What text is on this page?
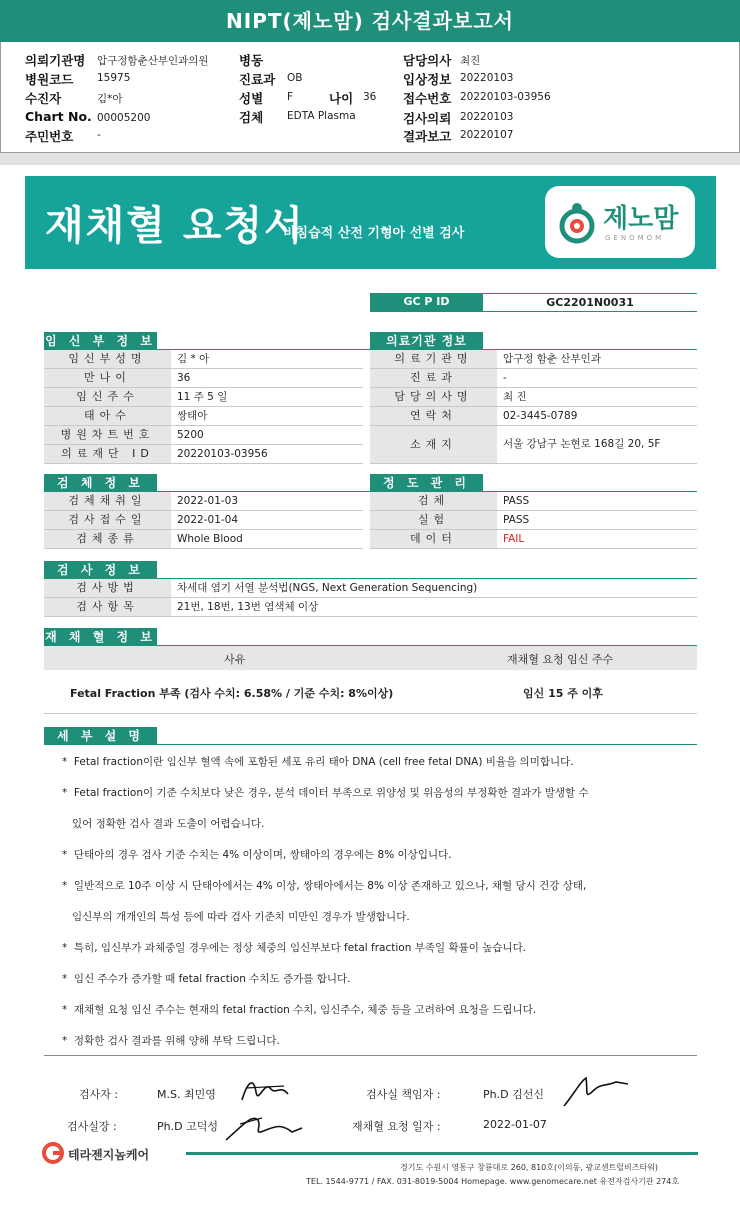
NIPT(제노맘) 검사결과보고서
의뢰기관명 압구정함춘산부인과의원
병원코드 15975
수진자	김*아
Chart No. 00005200
주민번호 -
병동
진료과 OB
성별 F	나이 36
검체 EDTA Plasma
담당의사 최진
입상정보 20220103
접수번호 20220103-03956
검사의뢰 20220103
결과보고 20220107
재채혈 요청서
비침습적 산전 기형아 선별 검사	제노맘
GENOMOM
GC P ID	GC2201N0031
임 신 부 정 보
임신부성명	김 * 아
만나이	36
임신주수	11 주 5 일
태아수	쌍태아
병원차트번호	5200
의료재단 ID	20220103-03956
의료기관 정보
의료기관명	압구정 함춘 산부인과
진료과	-
담당의사명	최 진
연락처	02-3445-0789
소재지	서울 강남구 논현로 168길 20, 5F
검 체 정 보
검체채취일	2022-01-03
검사접수일	2022-01-04
검체종류	Whole Blood
정 도 관 리
검체	PASS
실험	PASS
데이터	FAIL
검 사 정 보
검사방법	차세대 염기 서열 분석법(NGS, Next Generation Sequencing)
검사항목	21번, 18번, 13번 염색체 이상
재 채 혈 정 보
사유	재채혈 요청 임신 주수
Fetal Fraction 부족 (검사 수치: 6.58% / 기준 수치: 8%이상)	임신 15 주 이후
세 부 설 명
*  Fetal fraction이란 임신부 혈액 속에 포함된 세포 유리 태아 DNA (cell free fetal DNA) 비율을 의미합니다.
*  Fetal fraction이 기준 수치보다 낮은 경우, 분석 데이터 부족으로 위양성 및 위음성의 부정확한 결과가 발생할 수
있어 정확한 검사 결과 도출이 어렵습니다.
*  단태아의 경우 검사 기준 수치는 4% 이상이며, 쌍태아의 경우에는 8% 이상입니다.
*  일반적으로 10주 이상 시 단태아에서는 4% 이상, 쌍태아에서는 8% 이상 존재하고 있으나, 채혈 당시 건강 상태,
임신부의 개개인의 특성 등에 따라 검사 기준치 미만인 경우가 발생합니다.
*  특히, 임신부가 과체중일 경우에는 정상 체중의 임신부보다 fetal fraction 부족일 확률이 높습니다.
*  임신 주수가 증가할 때 fetal fraction 수치도 증가를 합니다.
*  재채혈 요청 임신 주수는 현재의 fetal fraction 수치, 임신주수, 체중 등을 고려하여 요청을 드립니다.
*  정확한 검사 결과를 위해 양해 부탁 드립니다.
검사자 :	M.S. 최민영	검사실 책임자 :	Ph.D 김선신
검사실장 :	Ph.D 고덕성	재채혈 요청 일자 :	2022-01-07
테라젠지놈케어
경기도 수원시 영통구 창룡대로 260, 810호(이의동, 광교센트럴비즈타워)
TEL. 1544-9771 / FAX. 031-8019-5004 Homepage. www.genomecare.net 유전자검사기관 274호
